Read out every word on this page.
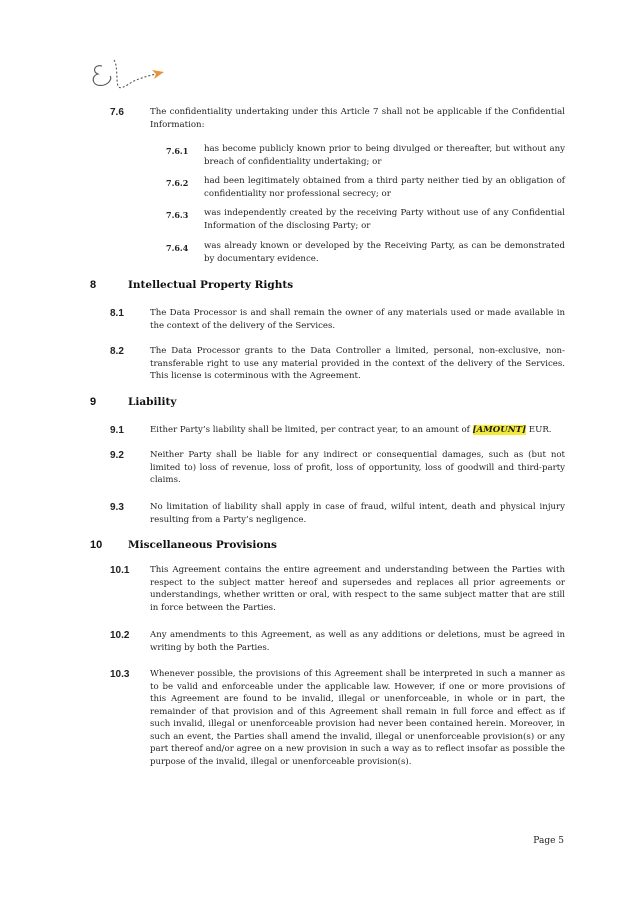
7.6	The confidentiality undertaking under this Article 7 shall not be applicable if the Confidential Information:
7.6.1 has become publicly known prior to being divulged or thereafter, but without any breach of confidentiality undertaking; or
7.6.2 had been legitimately obtained from a third party neither tied by an obligation of confidentiality nor professional secrecy; or
7.6.3 was independently created by the receiving Party without use of any Confidential Information of the disclosing Party; or
7.6.4 was already known or developed by the Receiving Party, as can be demonstrated by documentary evidence.
8	Intellectual Property Rights
8.1	The Data Processor is and shall remain the owner of any materials used or made available in the context of the delivery of the Services.
8.2	The Data Processor grants to the Data Controller a limited, personal, non-exclusive, non-transferable right to use any material provided in the context of the delivery of the Services. This license is coterminous with the Agreement.
9	Liability
9.1	Either Party’s liability shall be limited, per contract year, to an amount of [AMOUNT] EUR.
9.2	Neither Party shall be liable for any indirect or consequential damages, such as (but not limited to) loss of revenue, loss of profit, loss of opportunity, loss of goodwill and third-party claims.
9.3	No limitation of liability shall apply in case of fraud, wilful intent, death and physical injury resulting from a Party’s negligence.
10 Miscellaneous Provisions
10.1 This Agreement contains the entire agreement and understanding between the Parties with respect to the subject matter hereof and supersedes and replaces all prior agreements or understandings, whether written or oral, with respect to the same subject matter that are still in force between the Parties.
10.2 Any amendments to this Agreement, as well as any additions or deletions, must be agreed in writing by both the Parties.
10.3 Whenever possible, the provisions of this Agreement shall be interpreted in such a manner as to be valid and enforceable under the applicable law. However, if one or more provisions of this Agreement are found to be invalid, illegal or unenforceable, in whole or in part, the remainder of that provision and of this Agreement shall remain in full force and effect as if such invalid, illegal or unenforceable provision had never been contained herein. Moreover, in such an event, the Parties shall amend the invalid, illegal or unenforceable provision(s) or any part thereof and/or agree on a new provision in such a way as to reflect insofar as possible the purpose of the invalid, illegal or unenforceable provision(s).
Page 5
